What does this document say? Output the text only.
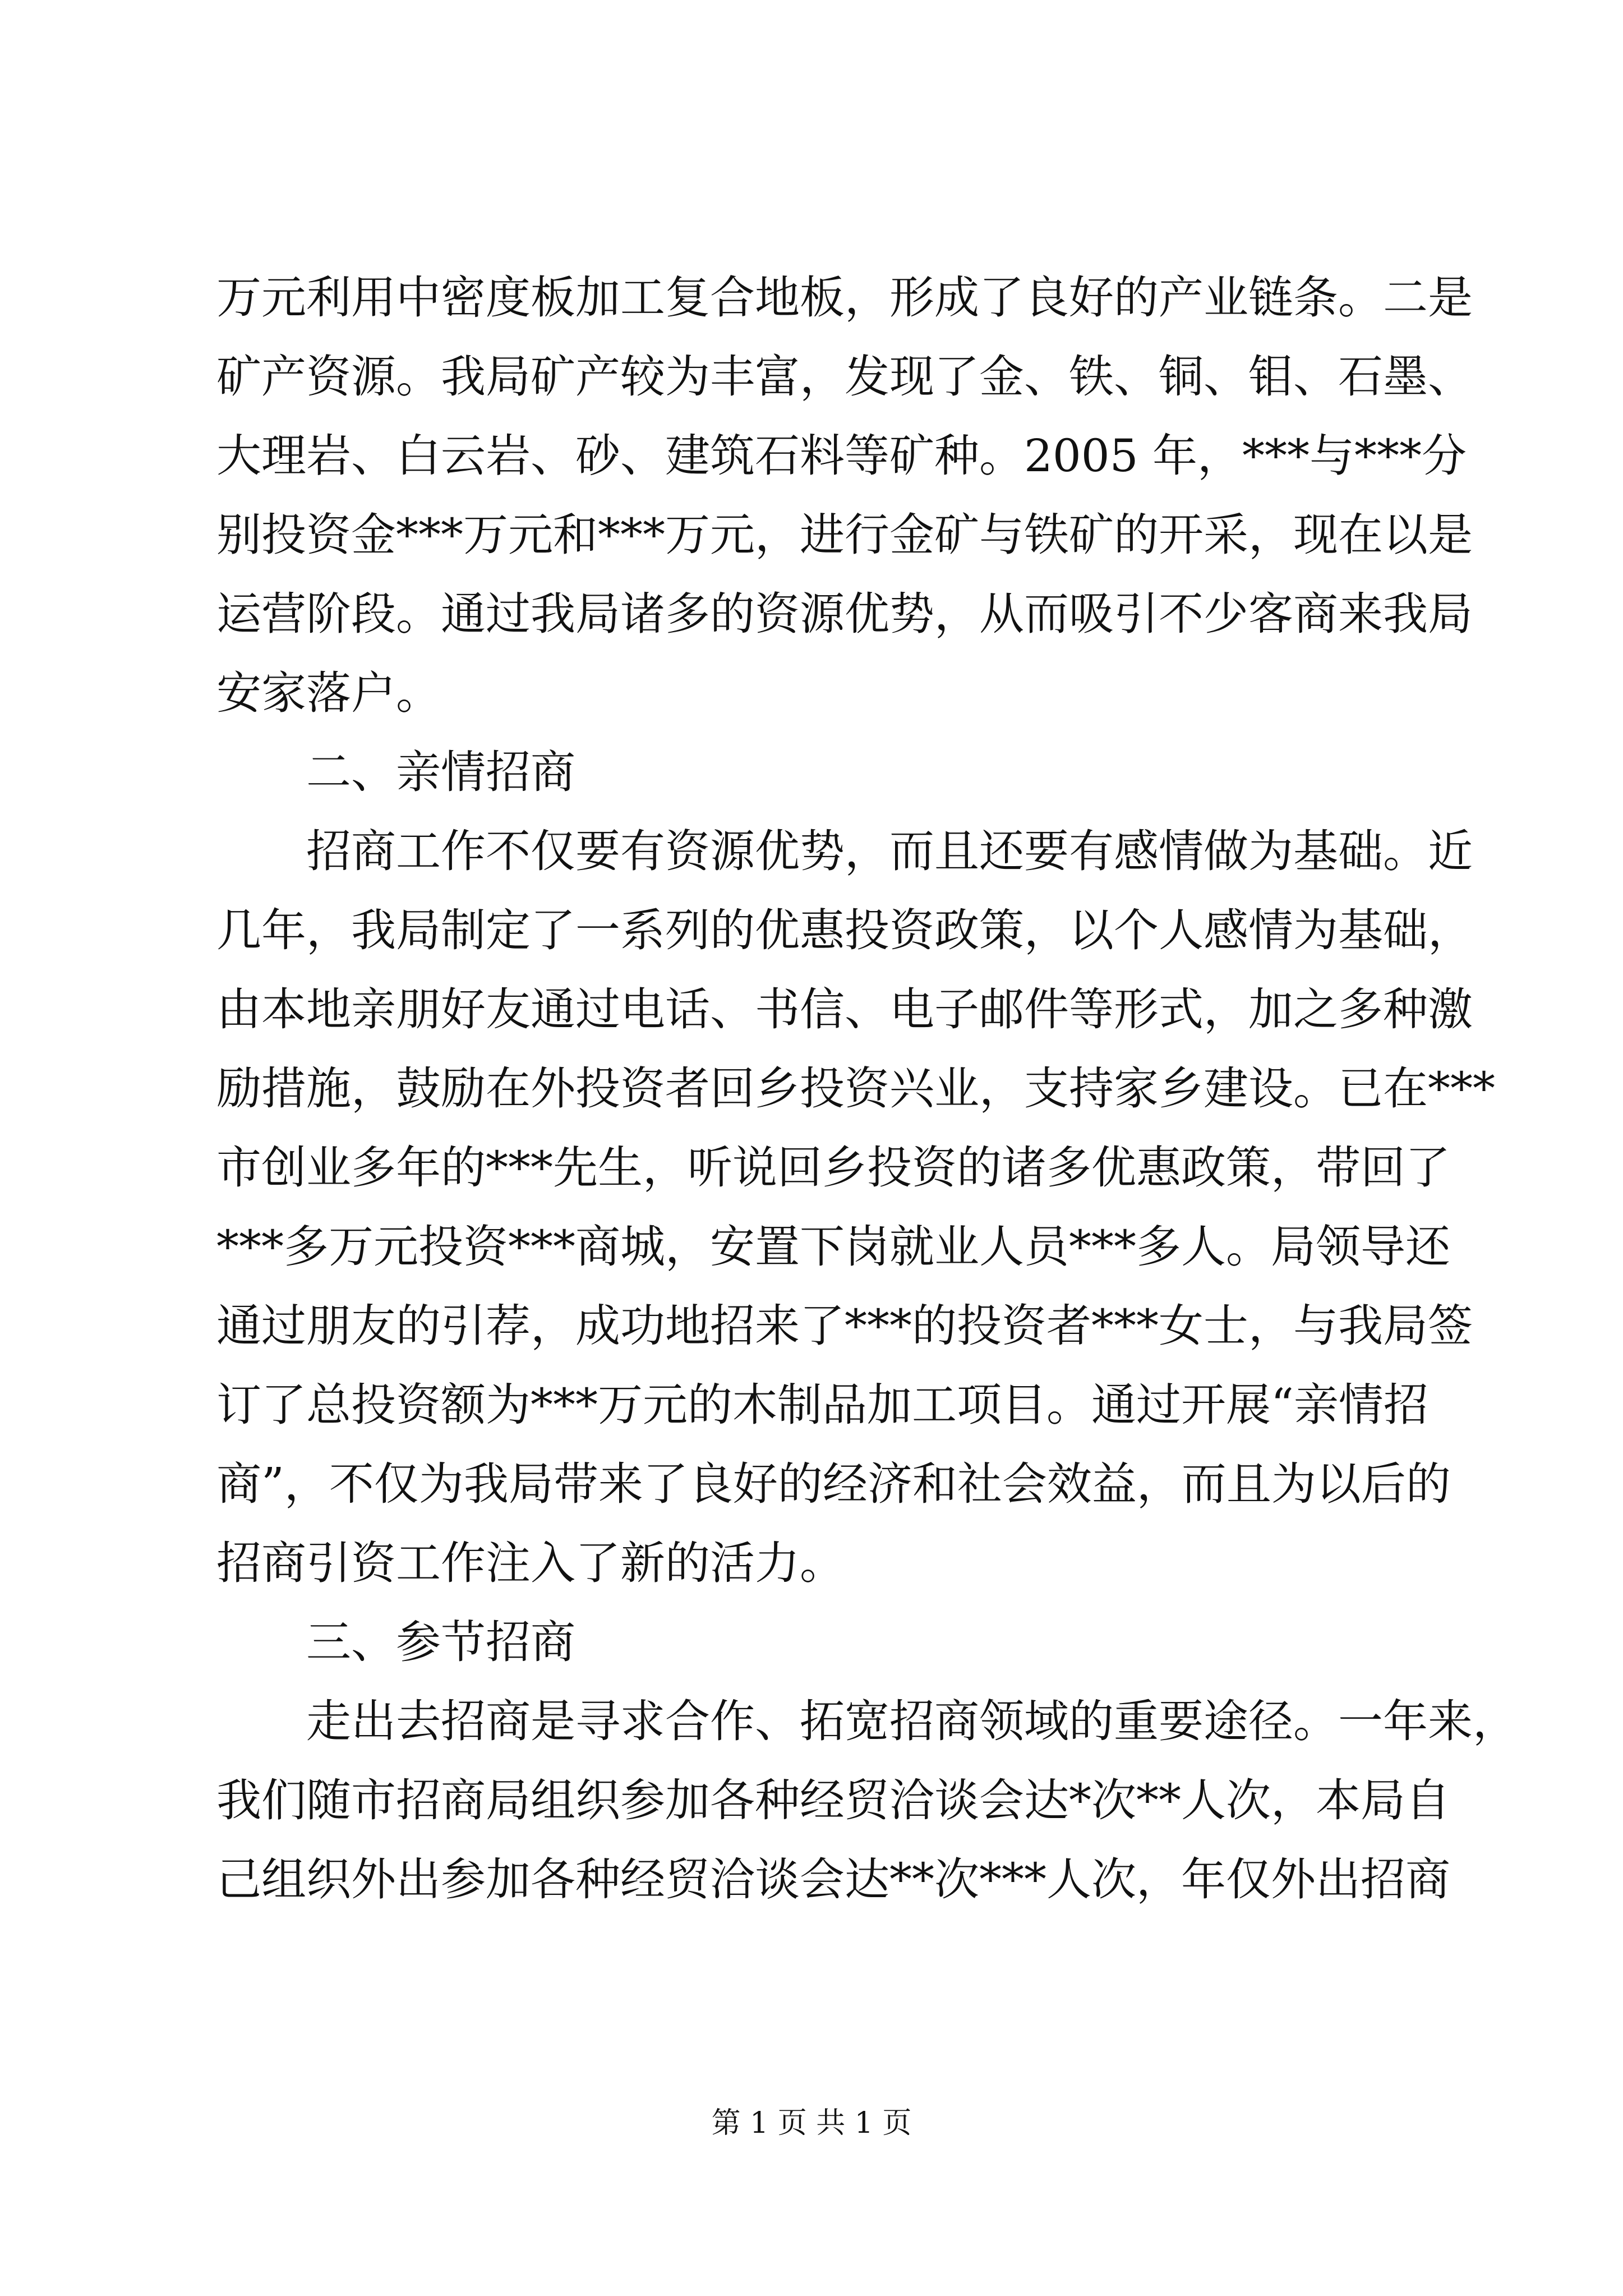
万元利用中密度板加工复合地板，形成了良好的产业链条。二是
矿产资源。我局矿产较为丰富，发现了金、铁、铜、钼、石墨、
大理岩、白云岩、砂、建筑石料等矿种。2005 年，***与***分
别投资金***万元和***万元，进行金矿与铁矿的开采，现在以是
运营阶段。通过我局诸多的资源优势，从而吸引不少客商来我局
安家落户。
二、亲情招商
招商工作不仅要有资源优势，而且还要有感情做为基础。近
几年，我局制定了一系列的优惠投资政策，以个人感情为基础，
由本地亲朋好友通过电话、书信、电子邮件等形式，加之多种激
励措施，鼓励在外投资者回乡投资兴业，支持家乡建设。已在***
市创业多年的***先生，听说回乡投资的诸多优惠政策，带回了
***多万元投资***商城，安置下岗就业人员***多人。局领导还
通过朋友的引荐，成功地招来了***的投资者***女士，与我局签
订了总投资额为***万元的木制品加工项目。通过开展“亲情招
商”，不仅为我局带来了良好的经济和社会效益，而且为以后的
招商引资工作注入了新的活力。
三、参节招商
走出去招商是寻求合作、拓宽招商领域的重要途径。一年来，
我们随市招商局组织参加各种经贸洽谈会达*次**人次，本局自
己组织外出参加各种经贸洽谈会达**次***人次，年仅外出招商
第 1 页 共 1 页
